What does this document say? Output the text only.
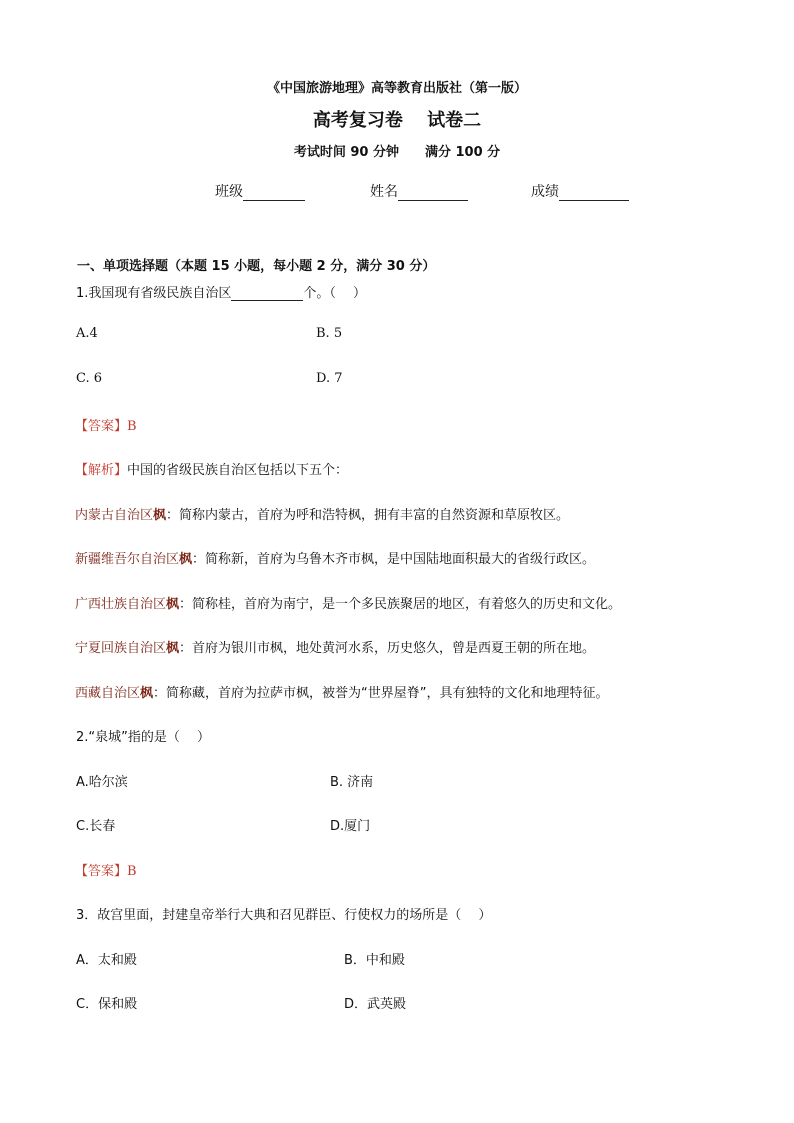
《中国旅游地理》高等教育出版社（第一版）
高考复习卷　 试卷二
考试时间 90 分钟　　满分 100 分
班级	姓名	成绩
一、单项选择题（本题 15 小题，每小题 2 分，满分 30 分）
1.我国现有省级民族自治区	个。（　 ）
A.4	B. 5
C. 6	D. 7
【答案】B
【解析】中国的省级民族自治区包括以下五个：
内蒙古自治区枫：简称内蒙古，首府为呼和浩特枫，拥有丰富的自然资源和草原牧区。
新疆维吾尔自治区枫：简称新，首府为乌鲁木齐市枫，是中国陆地面积最大的省级行政区。
广西壮族自治区枫：简称桂，首府为南宁，是一个多民族聚居的地区，有着悠久的历史和文化。
宁夏回族自治区枫：首府为银川市枫，地处黄河水系，历史悠久，曾是西夏王朝的所在地。
西藏自治区枫：简称藏，首府为拉萨市枫，被誉为“世界屋脊”，具有独特的文化和地理特征。
2.“泉城”指的是（　 ）
A.哈尔滨	B. 济南
C.长春	D.厦门
【答案】B
3．故宫里面，封建皇帝举行大典和召见群臣、行使权力的场所是（　 ）
A．太和殿	B．中和殿
C．保和殿	D．武英殿
